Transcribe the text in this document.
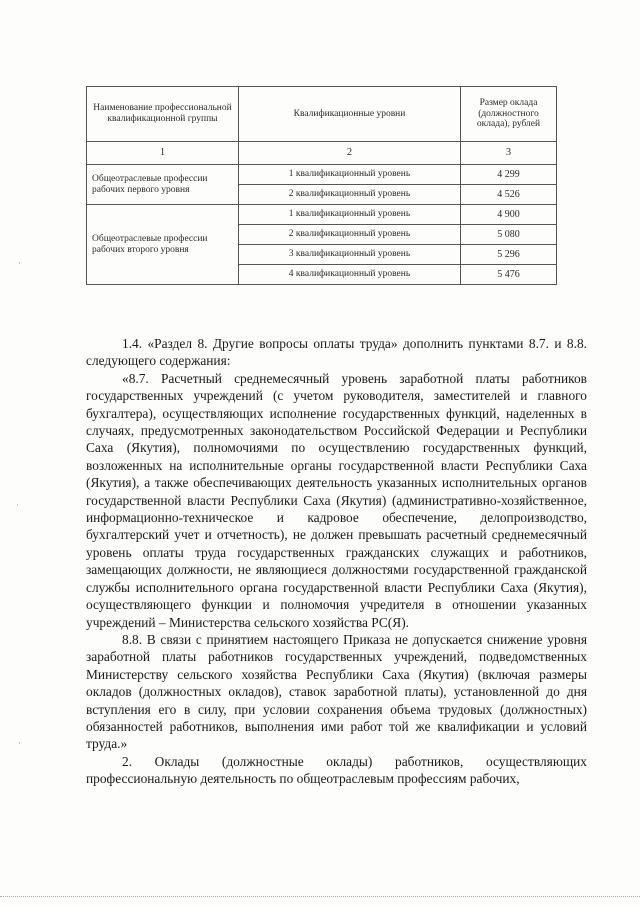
Наименование профессиональной квалификационной группы	Квалификационные уровни	Размер оклада (должностного оклада), рублей
1	2	3
Общеотраслевые профессии рабочих первого уровня	1 квалификационный уровень	4 299
	2 квалификационный уровень	4 526
Общеотраслевые профессии рабочих второго уровня	1 квалификационный уровень	4 900
	2 квалификационный уровень	5 080
	3 квалификационный уровень	5 296
	4 квалификационный уровень	5 476

1.4. «Раздел 8. Другие вопросы оплаты труда» дополнить пунктами 8.7. и 8.8. следующего содержания:

«8.7. Расчетный среднемесячный уровень заработной платы работников государственных учреждений (с учетом руководителя, заместителей и главного бухгалтера), осуществляющих исполнение государственных функций, наделенных в случаях, предусмотренных законодательством Российской Федерации и Республики Саха (Якутия), полномочиями по осуществлению государственных функций, возложенных на исполнительные органы государственной власти Республики Саха (Якутия), а также обеспечивающих деятельность указанных исполнительных органов государственной власти Республики Саха (Якутия) (административно-хозяйственное, информационно-техническое и кадровое обеспечение, делопроизводство, бухгалтерский учет и отчетность), не должен превышать расчетный среднемесячный уровень оплаты труда государственных гражданских служащих и работников, замещающих должности, не являющиеся должностями государственной гражданской службы исполнительного органа государственной власти Республики Саха (Якутия), осуществляющего функции и полномочия учредителя в отношении указанных учреждений – Министерства сельского хозяйства РС(Я).

8.8. В связи с принятием настоящего Приказа не допускается снижение уровня заработной платы работников государственных учреждений, подведомственных Министерству сельского хозяйства Республики Саха (Якутия) (включая размеры окладов (должностных окладов), ставок заработной платы), установленной до дня вступления его в силу, при условии сохранения объема трудовых (должностных) обязанностей работников, выполнения ими работ той же квалификации и условий труда.»

2. Оклады (должностные оклады) работников, осуществляющих профессиональную деятельность по общеотраслевым профессиям рабочих,

·
·
·
